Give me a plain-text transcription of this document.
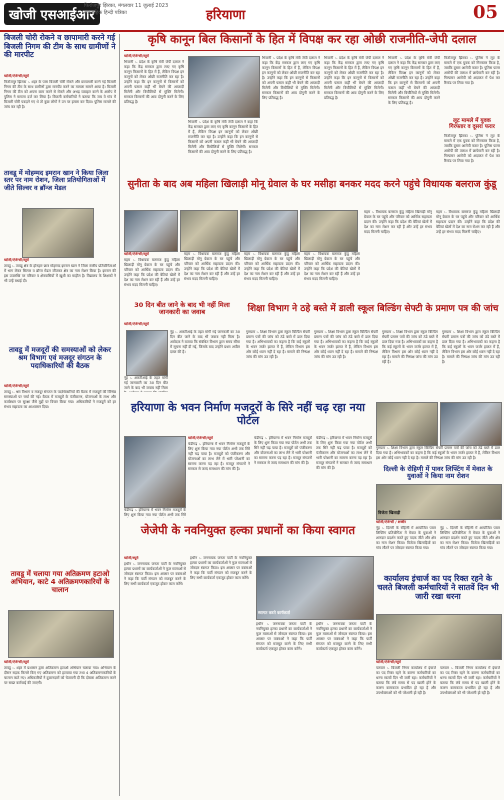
खोजी एसआईआर
फिरोजपुर झिरका, मंगलवार 11 जुलाई 2023
साप्ताहिक हिन्दी पत्रिका	हरियाणा	05
बिजली चोरी रोकने व छापामारी करने गई बिजली निगम की टीम के साथ ग्रामीणों ने की मारपीट
खोजी/ऐजेन्सी/ब्यूरो
फिरोजपुर झिरका :- शहर के पास बिजली चोरी रोकने और छापामारी करने गई बिजली निगम की टीम के साथ ग्रामीणों द्वारा मारपीट करने का मामला सामने आया है। बिजली निगम की टीम को अपना काम करने से रोकने और अभद्र व्यवहार करने के आरोप में पुलिस ने मामला दर्ज कर लिया है। बिजली कर्मचारियों ने बताया कि जब वे गांव में बिजली चोरी पकड़ने गए थे तो कुछ लोगों ने उन पर हमला कर दिया। पुलिस मामले की जांच कर रही है।
तावडू में मोहम्मद इमरान खान ने किया जिला स्तर पर नाम रोशन, जिला प्रतियोगिताओं में जीते सिल्वर व ब्रॉन्ज मेडल
खोजी/ऐजेन्सी/ब्यूरो
तावडू :- तावडू क्षेत्र के होनहार छात्र मोहम्मद इमरान खान ने जिला स्तरीय प्रतियोगिताओं में भाग लेकर सिल्वर व ब्रॉन्ज मेडल जीतकर क्षेत्र का नाम रोशन किया है। इमरान की इस उपलब्धि पर परिवार व क्षेत्रवासियों में खुशी का माहौल है। विद्यालय के शिक्षकों ने भी उन्हें बधाई दी।
तावडू में मजदूरों की समस्याओं को लेकर श्रम विभाग एवं मजदूर संगठन के पदाधिकारियों की बैठक
खोजी/ऐजेन्सी/ब्यूरो
तावडू :- श्रम विभाग व मजदूर संगठन के पदाधिकारियों की बैठक में मजदूरों की विभिन्न समस्याओं पर चर्चा की गई। बैठक में मजदूरों के पंजीकरण, योजनाओं के लाभ और कार्यस्थल पर सुरक्षा जैसे मुद्दों पर विचार किया गया। अधिकारियों ने मजदूरों को हर संभव सहायता का आश्वासन दिया।
तावडू में चलाया गया अतिक्रमण हटाओ अभियान, काटे 4 अतिक्रमणकारियों के चालान
खोजी/ऐजेन्सी/ब्यूरो
तावडू :- शहर में प्रशासन द्वारा अतिक्रमण हटाओ अभियान चलाया गया। अभियान के दौरान सड़क किनारे किए गए अतिक्रमण को हटवाया गया तथा 4 अतिक्रमणकारियों के चालान काटे गए। अधिकारियों ने दुकानदारों को चेतावनी दी कि दोबारा अतिक्रमण करने पर सख्त कार्रवाई की जाएगी।
कृषि कानून बिल किसानों के हित में विपक्ष कर रहा ओछी राजनीति-जेपी दलाल
खोजी/ऐजेन्सी/ब्यूरो
भिवानी :- प्रदेश के कृषि मंत्री जेपी दलाल ने कहा कि केंद्र सरकार द्वारा लाए गए कृषि कानून किसानों के हित में हैं, लेकिन विपक्ष इन कानूनों को लेकर ओछी राजनीति कर रहा है। उन्होंने कहा कि इन कानूनों से किसानों को अपनी फसल कहीं भी बेचने की आजादी मिलेगी और बिचौलियों से मुक्ति मिलेगी। सरकार किसानों की आय दोगुनी करने के लिए प्रतिबद्ध है।
भिवानी :- प्रदेश के कृषि मंत्री जेपी दलाल ने कहा कि केंद्र सरकार द्वारा लाए गए कृषि कानून किसानों के हित में हैं, लेकिन विपक्ष इन कानूनों को लेकर ओछी राजनीति कर रहा है। उन्होंने कहा कि इन कानूनों से किसानों को अपनी फसल कहीं भी बेचने की आजादी मिलेगी और बिचौलियों से मुक्ति मिलेगी। सरकार किसानों की आय दोगुनी करने के लिए प्रतिबद्ध है।
भिवानी :- प्रदेश के कृषि मंत्री जेपी दलाल ने कहा कि केंद्र सरकार द्वारा लाए गए कृषि कानून किसानों के हित में हैं, लेकिन विपक्ष इन कानूनों को लेकर ओछी राजनीति कर रहा है। उन्होंने कहा कि इन कानूनों से किसानों को अपनी फसल कहीं भी बेचने की आजादी मिलेगी और बिचौलियों से मुक्ति मिलेगी। सरकार किसानों की आय दोगुनी करने के लिए प्रतिबद्ध है।
भिवानी :- प्रदेश के कृषि मंत्री जेपी दलाल ने कहा कि केंद्र सरकार द्वारा लाए गए कृषि कानून किसानों के हित में हैं, लेकिन विपक्ष इन कानूनों को लेकर ओछी राजनीति कर रहा है। उन्होंने कहा कि इन कानूनों से किसानों को अपनी फसल कहीं भी बेचने की आजादी मिलेगी और बिचौलियों से मुक्ति मिलेगी। सरकार किसानों की आय दोगुनी करने के लिए प्रतिबद्ध है।
भिवानी :- प्रदेश के कृषि मंत्री जेपी दलाल ने कहा कि केंद्र सरकार द्वारा लाए गए कृषि कानून किसानों के हित में हैं, लेकिन विपक्ष इन कानूनों को लेकर ओछी राजनीति कर रहा है। उन्होंने कहा कि इन कानूनों से किसानों को अपनी फसल कहीं भी बेचने की आजादी मिलेगी और बिचौलियों से मुक्ति मिलेगी। सरकार किसानों की आय दोगुनी करने के लिए प्रतिबद्ध है।
फिरोजपुर झिरका :- पुलिस ने लूट के मामले में एक युवक को गिरफ्तार किया है, जबकि दूसरा आरोपी फरार है। पुलिस फरार आरोपी की तलाश में छापेमारी कर रही है। गिरफ्तार आरोपी को अदालत में पेश कर रिमांड पर लिया गया है।
लूट मामले में युवक गिरफ्तार व दूसरा फरार
फिरोजपुर झिरका :- पुलिस ने लूट के मामले में एक युवक को गिरफ्तार किया है, जबकि दूसरा आरोपी फरार है। पुलिस फरार आरोपी की तलाश में छापेमारी कर रही है। गिरफ्तार आरोपी को अदालत में पेश कर रिमांड पर लिया गया है।
सुनीता के बाद अब महिला खिलाड़ी मोनू ग्रेवाल के घर मसीहा बनकर मदद करने पहुंचे विधायक बलराज कुंडू
खोजी/ऐजेन्सी/ब्यूरो
महम :- विधायक बलराज कुंडू महिला खिलाड़ी मोनू ग्रेवाल के घर पहुंचे और परिवार को आर्थिक सहायता प्रदान की। उन्होंने कहा कि प्रदेश की बेटियां खेलों में देश का नाम रोशन कर रही हैं और उन्हें हर संभव मदद मिलनी चाहिए।
महम :- विधायक बलराज कुंडू महिला खिलाड़ी मोनू ग्रेवाल के घर पहुंचे और परिवार को आर्थिक सहायता प्रदान की। उन्होंने कहा कि प्रदेश की बेटियां खेलों में देश का नाम रोशन कर रही हैं और उन्हें हर संभव मदद मिलनी चाहिए।
महम :- विधायक बलराज कुंडू महिला खिलाड़ी मोनू ग्रेवाल के घर पहुंचे और परिवार को आर्थिक सहायता प्रदान की। उन्होंने कहा कि प्रदेश की बेटियां खेलों में देश का नाम रोशन कर रही हैं और उन्हें हर संभव मदद मिलनी चाहिए।
महम :- विधायक बलराज कुंडू महिला खिलाड़ी मोनू ग्रेवाल के घर पहुंचे और परिवार को आर्थिक सहायता प्रदान की। उन्होंने कहा कि प्रदेश की बेटियां खेलों में देश का नाम रोशन कर रही हैं और उन्हें हर संभव मदद मिलनी चाहिए।
महम :- विधायक बलराज कुंडू महिला खिलाड़ी मोनू ग्रेवाल के घर पहुंचे और परिवार को आर्थिक सहायता प्रदान की। उन्होंने कहा कि प्रदेश की बेटियां खेलों में देश का नाम रोशन कर रही हैं और उन्हें हर संभव मदद मिलनी चाहिए।
महम :- विधायक बलराज कुंडू महिला खिलाड़ी मोनू ग्रेवाल के घर पहुंचे और परिवार को आर्थिक सहायता प्रदान की। उन्होंने कहा कि प्रदेश की बेटियां खेलों में देश का नाम रोशन कर रही हैं और उन्हें हर संभव मदद मिलनी चाहिए।
30 दिन बीत जाने के बाद भी नहीं मिला जानकारी का जवाब
खोजी/ऐजेन्सी/ब्यूरो
नूंह :- आरटीआई के तहत मांगी गई जानकारी का 30 दिन बीत जाने के बाद भी जवाब नहीं मिला है। आवेदक ने बताया कि संबंधित विभाग द्वारा समय सीमा में सूचना नहीं दी गई, जिसके बाद उन्होंने प्रथम अपील दायर की है।
नूंह :- आरटीआई के तहत मांगी गई जानकारी का 30 दिन बीत जाने के बाद भी जवाब नहीं मिला
शिक्षा विभाग ने ठहे बस्ते में डाली स्कूल बिल्डिंग सेफ्टी के प्रमाण पत्र की जांच
गुरुग्राम :- शिक्षा विभाग द्वारा स्कूल बिल्डिंग सेफ्टी प्रमाण पत्रों की जांच को ठंडे बस्ते में डाल दिया गया है। अभिभावकों का कहना है कि कई स्कूलों के भवन जर्जर हालत में हैं, लेकिन विभाग इस ओर कोई ध्यान नहीं दे रहा है। मामले की निष्पक्ष जांच की मांग उठ रही है।
गुरुग्राम :- शिक्षा विभाग द्वारा स्कूल बिल्डिंग सेफ्टी प्रमाण पत्रों की जांच को ठंडे बस्ते में डाल दिया गया है। अभिभावकों का कहना है कि कई स्कूलों के भवन जर्जर हालत में हैं, लेकिन विभाग इस ओर कोई ध्यान नहीं दे रहा है। मामले की निष्पक्ष जांच की मांग उठ रही है।
गुरुग्राम :- शिक्षा विभाग द्वारा स्कूल बिल्डिंग सेफ्टी प्रमाण पत्रों की जांच को ठंडे बस्ते में डाल दिया गया है। अभिभावकों का कहना है कि कई स्कूलों के भवन जर्जर हालत में हैं, लेकिन विभाग इस ओर कोई ध्यान नहीं दे रहा है। मामले की निष्पक्ष जांच की मांग उठ रही है।
गुरुग्राम :- शिक्षा विभाग द्वारा स्कूल बिल्डिंग सेफ्टी प्रमाण पत्रों की जांच को ठंडे बस्ते में डाल दिया गया है। अभिभावकों का कहना है कि कई स्कूलों के भवन जर्जर हालत में हैं, लेकिन विभाग इस ओर कोई ध्यान नहीं दे रहा है। मामले की निष्पक्ष जांच की मांग उठ रही है।
हरियाणा के भवन निर्माण मजदूरों के सिरे नहीं चढ़ रहा नया पोर्टल
खोजी/ऐजेन्सी/ब्यूरो
चंडीगढ़ :- हरियाणा में भवन निर्माण मजदूरों के लिए शुरू किया गया नया पोर्टल अभी तक सिरे नहीं चढ़ पाया है। मजदूरों को पंजीकरण और योजनाओं का लाभ लेने में भारी परेशानी का सामना करना पड़ रहा है। मजदूर संगठनों ने सरकार से जल्द समाधान की मांग की है।
चंडीगढ़ :- हरियाणा में भवन निर्माण मजदूरों के लिए शुरू किया गया नया पोर्टल अभी तक सिरे
चंडीगढ़ :- हरियाणा में भवन निर्माण मजदूरों के लिए शुरू किया गया नया पोर्टल अभी तक सिरे नहीं चढ़ पाया है। मजदूरों को पंजीकरण और योजनाओं का लाभ लेने में भारी परेशानी का सामना करना पड़ रहा है। मजदूर संगठनों ने सरकार से जल्द समाधान की मांग की है।
चंडीगढ़ :- हरियाणा में भवन निर्माण मजदूरों के लिए शुरू किया गया नया पोर्टल अभी तक सिरे नहीं चढ़ पाया है। मजदूरों को पंजीकरण और योजनाओं का लाभ लेने में भारी परेशानी का सामना करना पड़ रहा है। मजदूर संगठनों ने सरकार से जल्द समाधान की मांग की है।
गुरुग्राम :- शिक्षा विभाग द्वारा स्कूल बिल्डिंग सेफ्टी प्रमाण पत्रों की जांच को ठंडे बस्ते में डाल दिया गया है। अभिभावकों का कहना है कि कई स्कूलों के भवन जर्जर हालत में हैं, लेकिन विभाग इस ओर कोई ध्यान नहीं दे रहा है। मामले की निष्पक्ष जांच की मांग उठ रही है।
दिल्ली के रोहिणी में पावर लिफ्टिंग में मेवात के युवाओं ने किया नाम रोशन
विजेता खिलाड़ी
खोजी/ऐजेन्सी / शब्बीर
नूंह :- दिल्ली के रोहिणी में आयोजित पावर लिफ्टिंग प्रतियोगिता में मेवात के युवाओं ने शानदार प्रदर्शन करते हुए पदक जीते और क्षेत्र का नाम रोशन किया। विजेता खिलाड़ियों का गांव लौटने पर जोरदार स्वागत किया गया।
नूंह :- दिल्ली के रोहिणी में आयोजित पावर लिफ्टिंग प्रतियोगिता में मेवात के युवाओं ने शानदार प्रदर्शन करते हुए पदक जीते और क्षेत्र का नाम रोशन किया। विजेता खिलाड़ियों का गांव लौटने पर जोरदार स्वागत किया गया।
जेजेपी के नवनियुक्त हल्का प्रधानों का किया स्वागत
खोजी/ब्यूरो
हथीन :- जननायक जनता पार्टी के नवनियुक्त हल्का प्रधानों का कार्यकर्ताओं ने फूल मालाओं से जोरदार स्वागत किया। इस अवसर पर वक्ताओं ने कहा कि पार्टी संगठन को मजबूत करने के लिए सभी कार्यकर्ता एकजुट होकर काम करेंगे।
हथीन :- जननायक जनता पार्टी के नवनियुक्त हल्का प्रधानों का कार्यकर्ताओं ने फूल मालाओं से जोरदार स्वागत किया। इस अवसर पर वक्ताओं ने कहा कि पार्टी संगठन को मजबूत करने के लिए सभी कार्यकर्ता एकजुट होकर काम करेंगे।
स्वागत करते कार्यकर्ता
हथीन :- जननायक जनता पार्टी के नवनियुक्त हल्का प्रधानों का कार्यकर्ताओं ने फूल मालाओं से जोरदार स्वागत किया। इस अवसर पर वक्ताओं ने कहा कि पार्टी संगठन को मजबूत करने के लिए सभी कार्यकर्ता एकजुट होकर काम करेंगे।
हथीन :- जननायक जनता पार्टी के नवनियुक्त हल्का प्रधानों का कार्यकर्ताओं ने फूल मालाओं से जोरदार स्वागत किया। इस अवसर पर वक्ताओं ने कहा कि पार्टी संगठन को मजबूत करने के लिए सभी कार्यकर्ता एकजुट होकर काम करेंगे।
कार्यालय इंचार्ज का पद रिक्त रहने के चलते बिजली कर्मचारियों ने सातवें दिन भी जारी रखा धरना
खोजी/ऐजेन्सी/ब्यूरो
पलवल :- बिजली निगम कार्यालय में इंचार्ज का पद रिक्त रहने के कारण कर्मचारियों का धरना सातवें दिन भी जारी रहा। कर्मचारियों ने बताया कि लंबे समय से पद खाली होने के कारण कामकाज प्रभावित हो रहा है और उपभोक्ताओं को भी परेशानी हो रही है।
पलवल :- बिजली निगम कार्यालय में इंचार्ज का पद रिक्त रहने के कारण कर्मचारियों का धरना सातवें दिन भी जारी रहा। कर्मचारियों ने बताया कि लंबे समय से पद खाली होने के कारण कामकाज प्रभावित हो रहा है और उपभोक्ताओं को भी परेशानी हो रही है।
